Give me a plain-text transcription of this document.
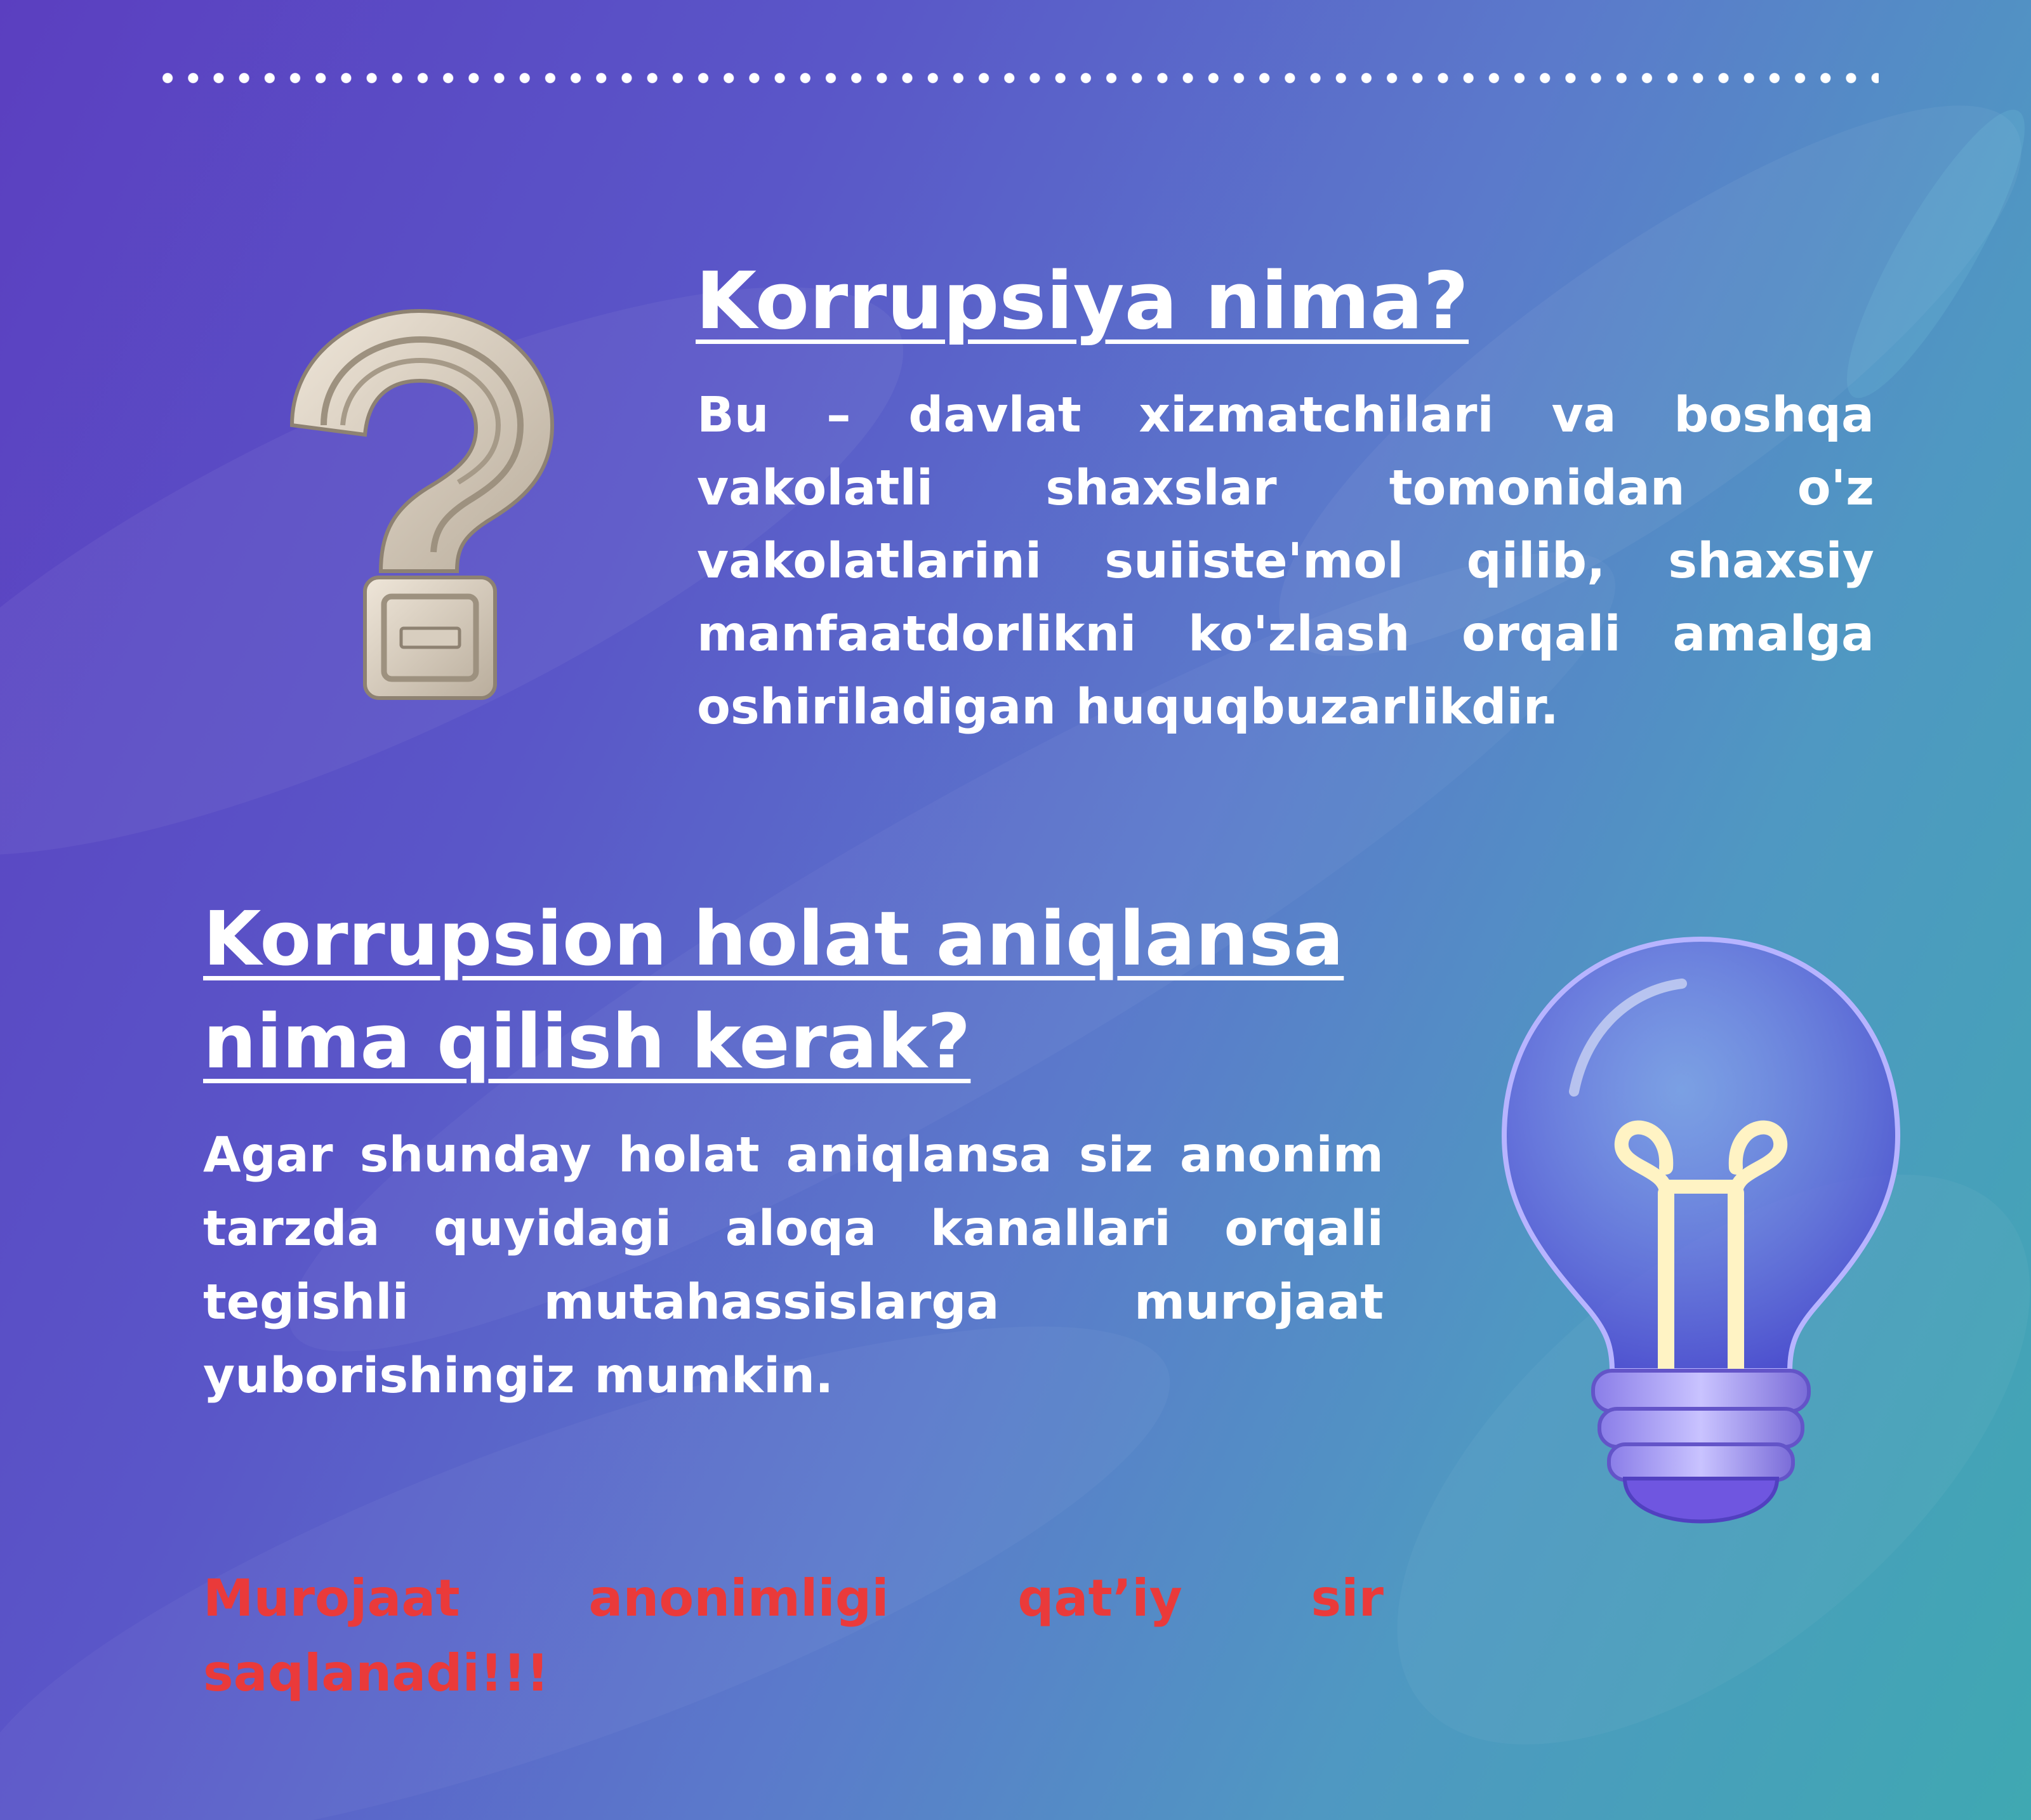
Korrupsiya nima?

Bu – davlat xizmatchilari va boshqa vakolatli shaxslar tomonidan o'z vakolatlarini suiiste'mol qilib, shaxsiy manfaatdorlikni ko'zlash orqali amalga oshiriladigan huquqbuzarlikdir.

Korrupsion holat aniqlansa nima qilish kerak?

Agar shunday holat aniqlansa siz anonim tarzda quyidagi aloqa kanallari orqali tegishli mutahassislarga murojaat yuborishingiz mumkin.

Murojaat anonimligi qat’iy sir saqlanadi!!!
